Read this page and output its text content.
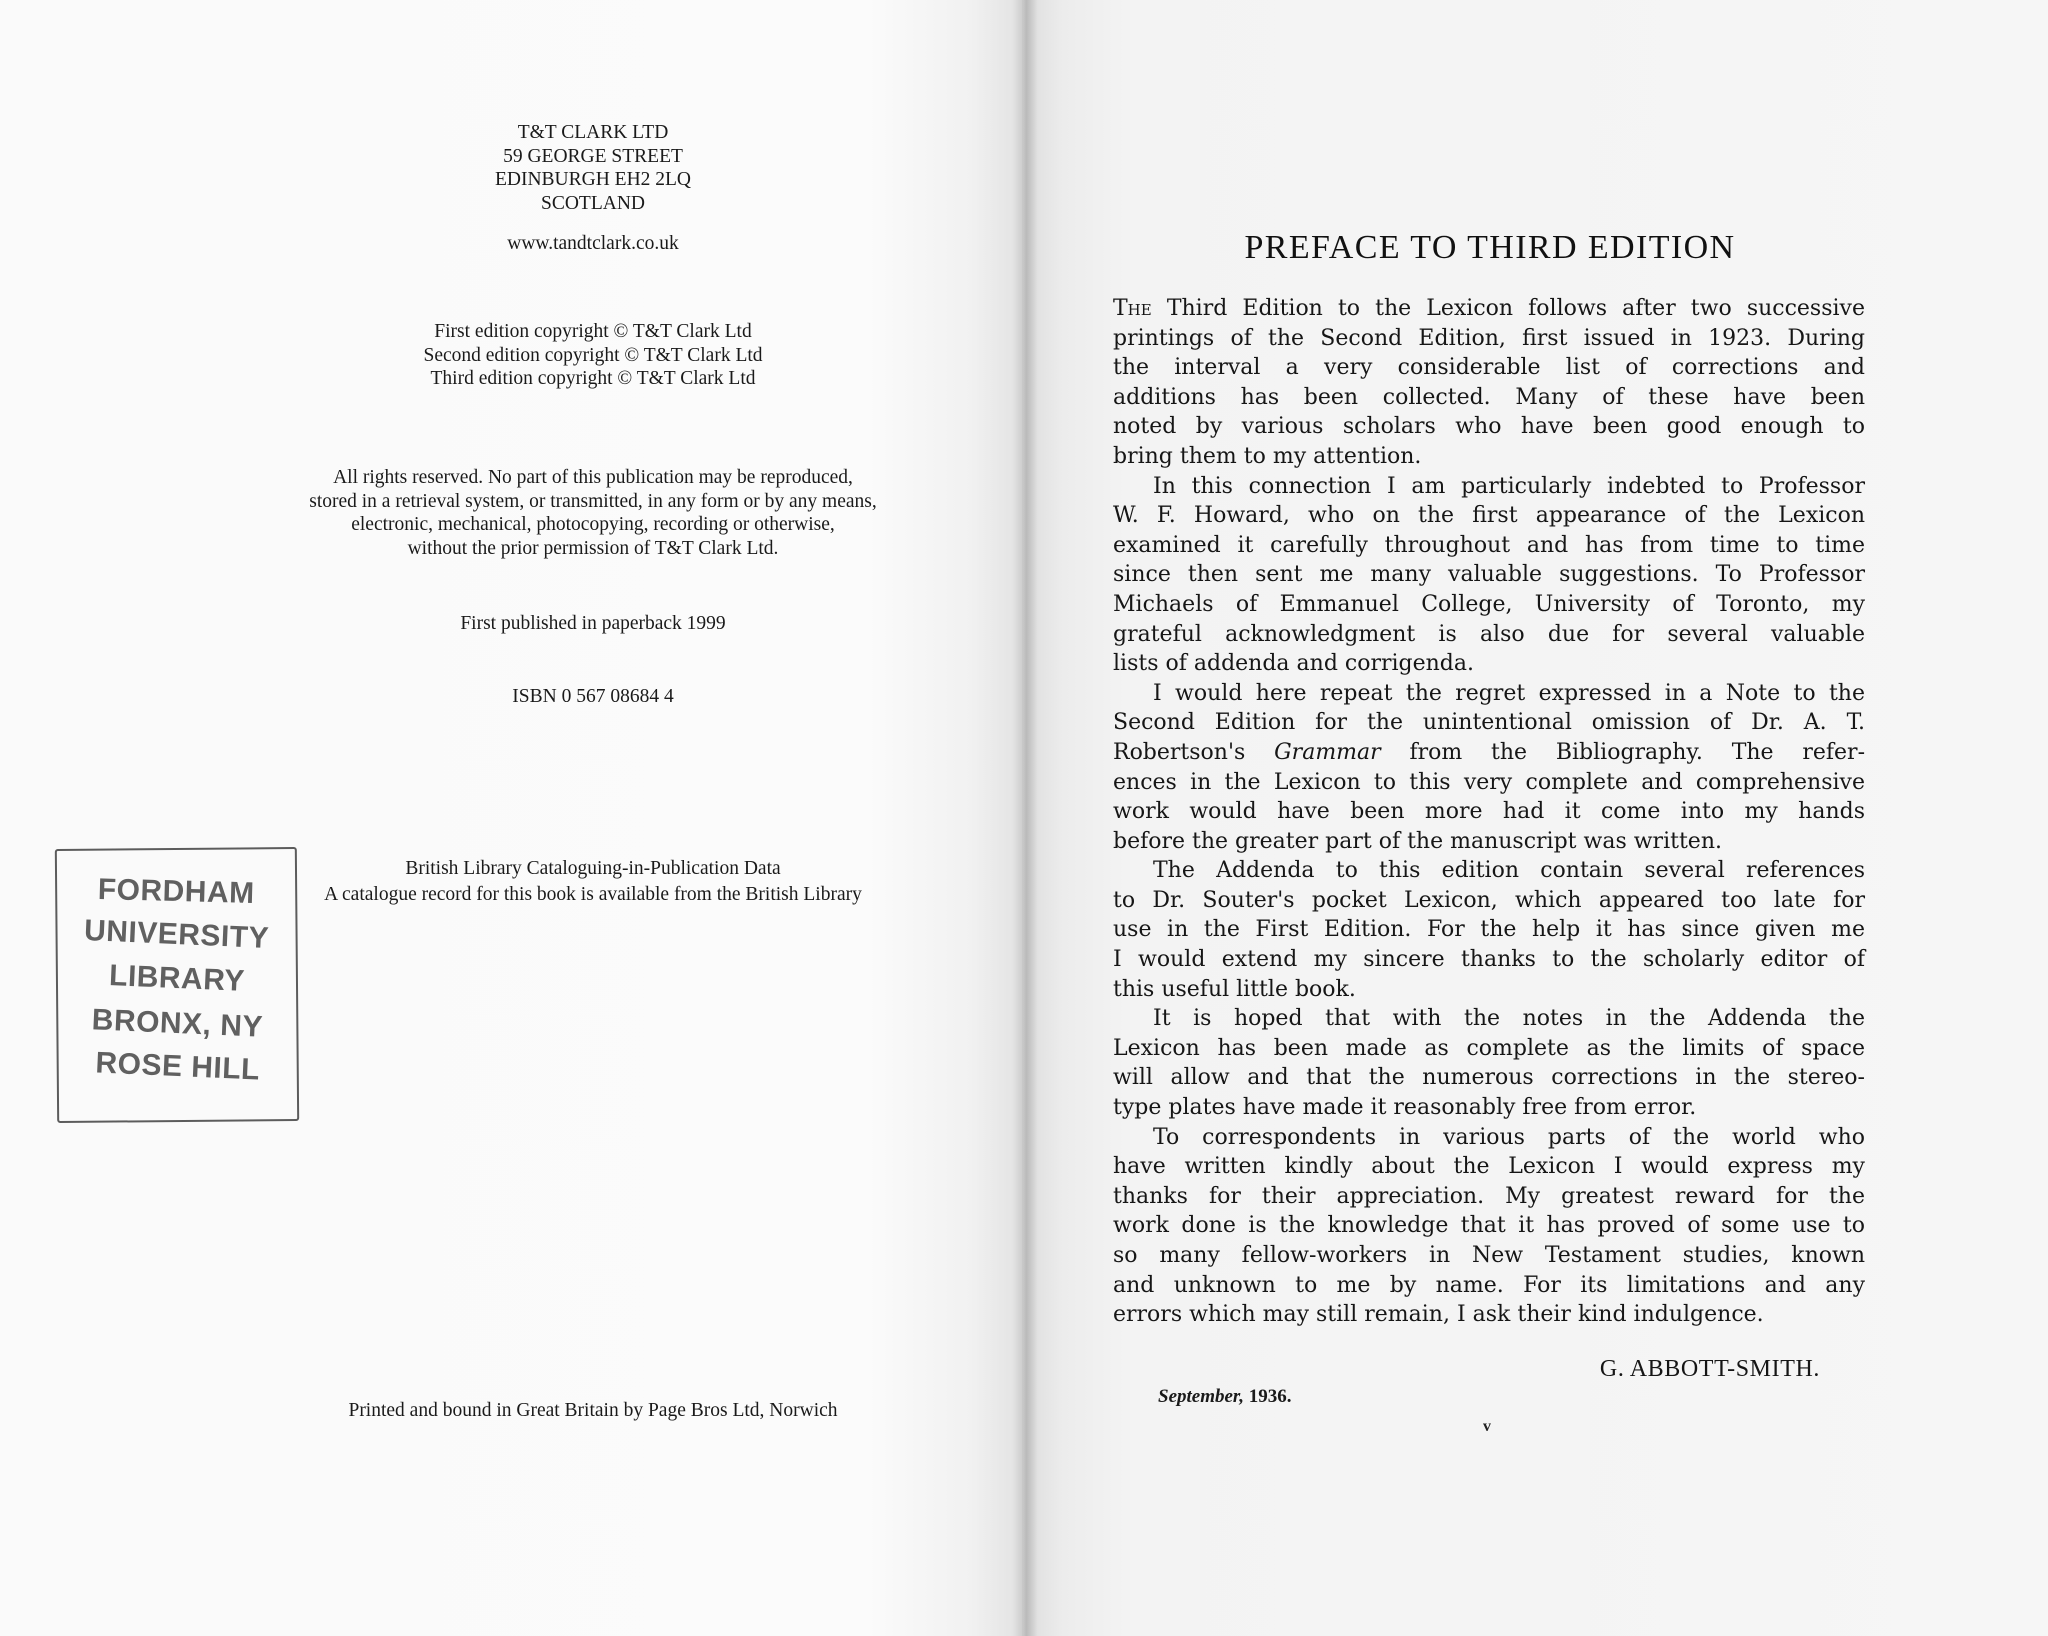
T&T CLARK LTD
59 GEORGE STREET
EDINBURGH EH2 2LQ
SCOTLAND
www.tandtclark.co.uk
First edition copyright © T&T Clark Ltd
Second edition copyright © T&T Clark Ltd
Third edition copyright © T&T Clark Ltd
All rights reserved. No part of this publication may be reproduced,
stored in a retrieval system, or transmitted, in any form or by any means,
electronic, mechanical, photocopying, recording or otherwise,
without the prior permission of T&T Clark Ltd.
First published in paperback 1999
ISBN 0 567 08684 4
British Library Cataloguing-in-Publication Data
A catalogue record for this book is available from the British Library
FORDHAM
UNIVERSITY
LIBRARY
BRONX, NY
ROSE HILL
Printed and bound in Great Britain by Page Bros Ltd, Norwich
PREFACE TO THIRD EDITION
The Third Edition to the Lexicon follows after two successive
printings of the Second Edition, first issued in 1923. During
the interval a very considerable list of corrections and
additions has been collected. Many of these have been
noted by various scholars who have been good enough to
bring them to my attention.
In this connection I am particularly indebted to Professor
W. F. Howard, who on the first appearance of the Lexicon
examined it carefully throughout and has from time to time
since then sent me many valuable suggestions. To Professor
Michaels of Emmanuel College, University of Toronto, my
grateful acknowledgment is also due for several valuable
lists of addenda and corrigenda.
I would here repeat the regret expressed in a Note to the
Second Edition for the unintentional omission of Dr. A. T.
Robertson's Grammar from the Bibliography. The refer-
ences in the Lexicon to this very complete and comprehensive
work would have been more had it come into my hands
before the greater part of the manuscript was written.
The Addenda to this edition contain several references
to Dr. Souter's pocket Lexicon, which appeared too late for
use in the First Edition. For the help it has since given me
I would extend my sincere thanks to the scholarly editor of
this useful little book.
It is hoped that with the notes in the Addenda the
Lexicon has been made as complete as the limits of space
will allow and that the numerous corrections in the stereo-
type plates have made it reasonably free from error.
To correspondents in various parts of the world who
have written kindly about the Lexicon I would express my
thanks for their appreciation. My greatest reward for the
work done is the knowledge that it has proved of some use to
so many fellow-workers in New Testament studies, known
and unknown to me by name. For its limitations and any
errors which may still remain, I ask their kind indulgence.
G. ABBOTT-SMITH.
September, 1936.
v
